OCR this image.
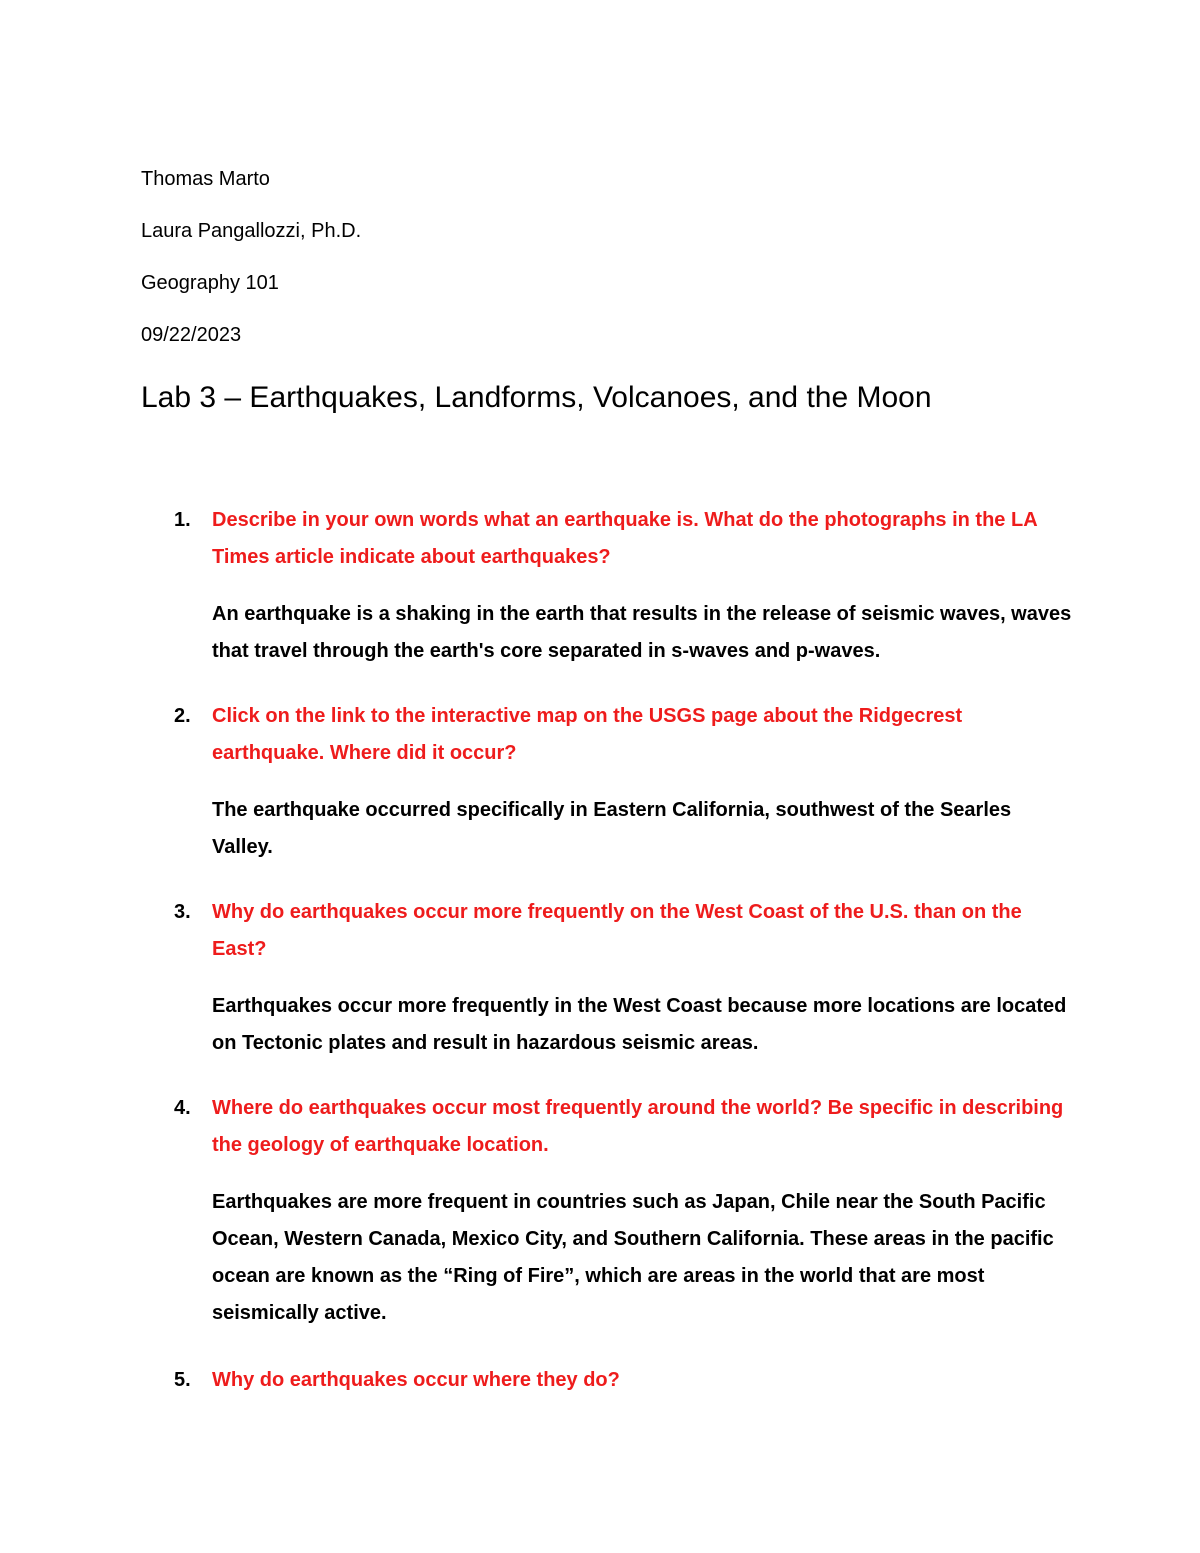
Thomas Marto
Laura Pangallozzi, Ph.D.
Geography 101
09/22/2023
Lab 3 – Earthquakes, Landforms, Volcanoes, and the Moon
1. Describe in your own words what an earthquake is. What do the photographs in the LA Times article indicate about earthquakes?
An earthquake is a shaking in the earth that results in the release of seismic waves, waves that travel through the earth's core separated in s-waves and p-waves.
2. Click on the link to the interactive map on the USGS page about the Ridgecrest earthquake. Where did it occur?
The earthquake occurred specifically in Eastern California, southwest of the Searles Valley.
3. Why do earthquakes occur more frequently on the West Coast of the U.S. than on the East?
Earthquakes occur more frequently in the West Coast because more locations are located on Tectonic plates and result in hazardous seismic areas.
4. Where do earthquakes occur most frequently around the world? Be specific in describing the geology of earthquake location.
Earthquakes are more frequent in countries such as Japan, Chile near the South Pacific Ocean, Western Canada, Mexico City, and Southern California. These areas in the pacific ocean are known as the “Ring of Fire”, which are areas in the world that are most seismically active.
5. Why do earthquakes occur where they do?
